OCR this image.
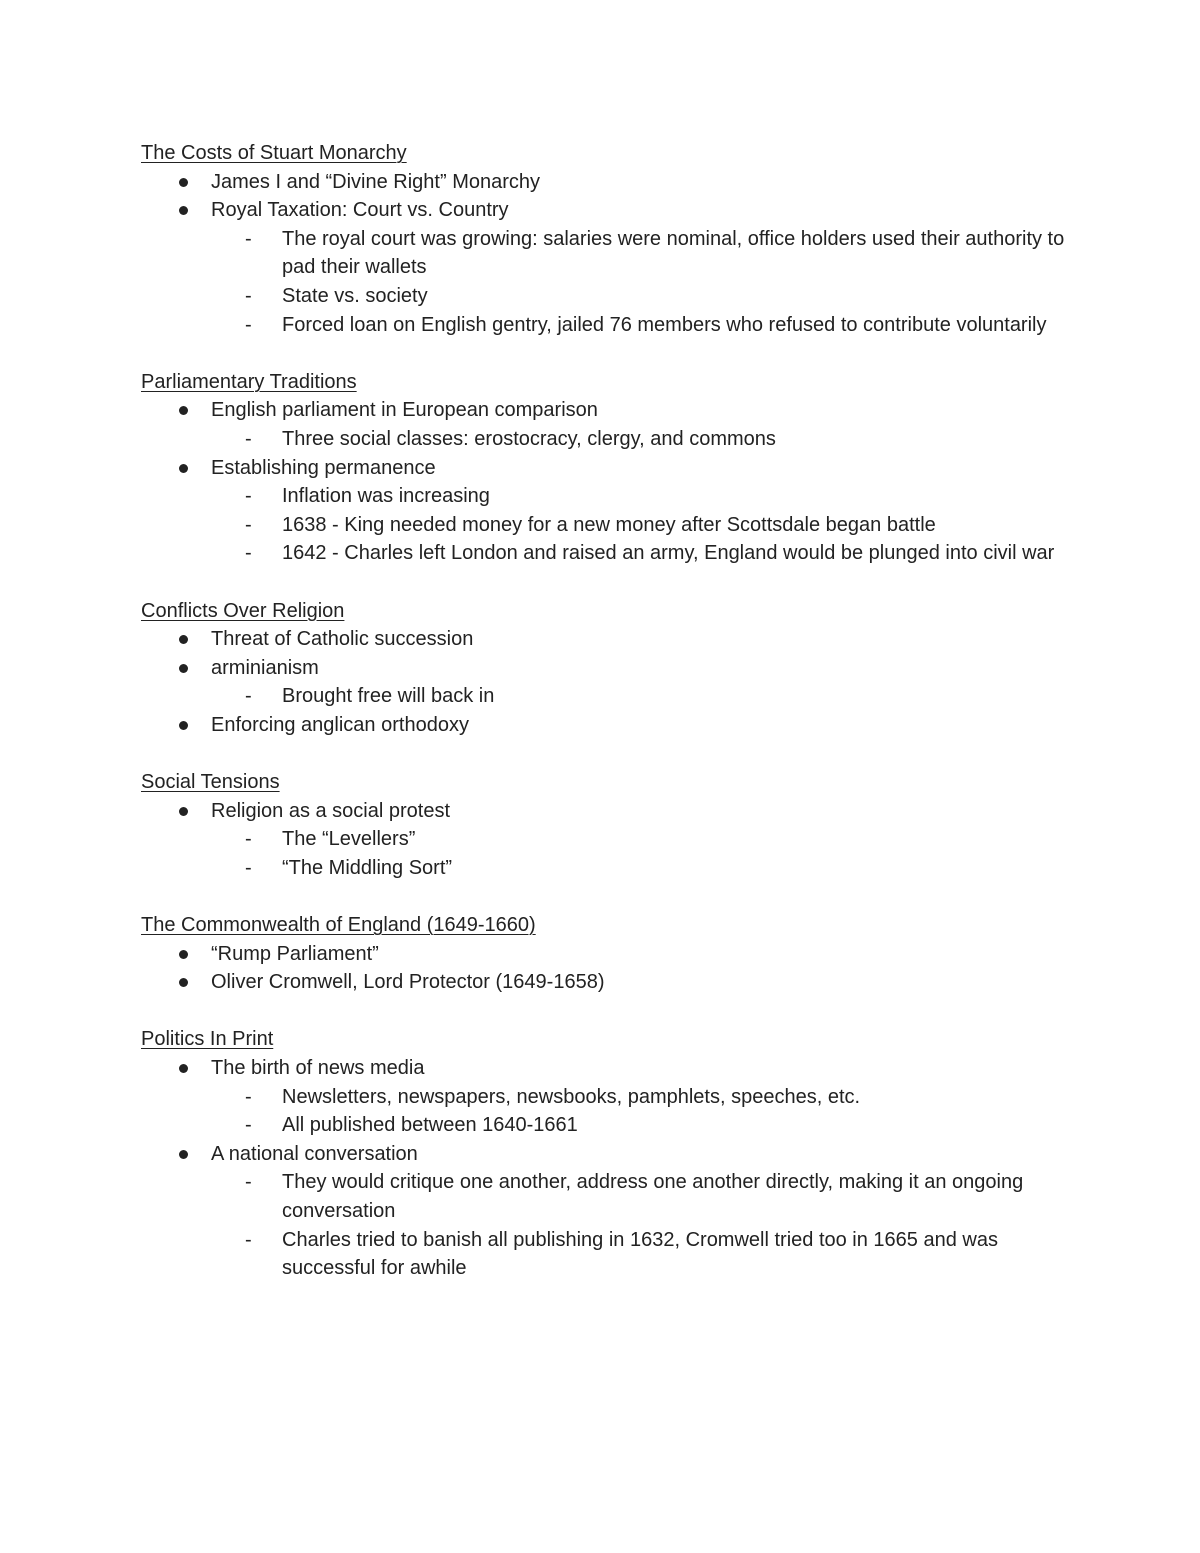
The Costs of Stuart Monarchy
James I and “Divine Right” Monarchy
Royal Taxation: Court vs. Country
- The royal court was growing: salaries were nominal, office holders used their authority to pad their wallets
- State vs. society
- Forced loan on English gentry, jailed 76 members who refused to contribute voluntarily
Parliamentary Traditions
English parliament in European comparison
- Three social classes: erostocracy, clergy, and commons
Establishing permanence
- Inflation was increasing
- 1638 - King needed money for a new money after Scottsdale began battle
- 1642 - Charles left London and raised an army, England would be plunged into civil war
Conflicts Over Religion
Threat of Catholic succession
arminianism
- Brought free will back in
Enforcing anglican orthodoxy
Social Tensions
Religion as a social protest
- The “Levellers”
- “The Middling Sort”
The Commonwealth of England (1649-1660)
“Rump Parliament”
Oliver Cromwell, Lord Protector (1649-1658)
Politics In Print
The birth of news media
- Newsletters, newspapers, newsbooks, pamphlets, speeches, etc.
- All published between 1640-1661
A national conversation
- They would critique one another, address one another directly, making it an ongoing conversation
- Charles tried to banish all publishing in 1632, Cromwell tried too in 1665 and was successful for awhile
